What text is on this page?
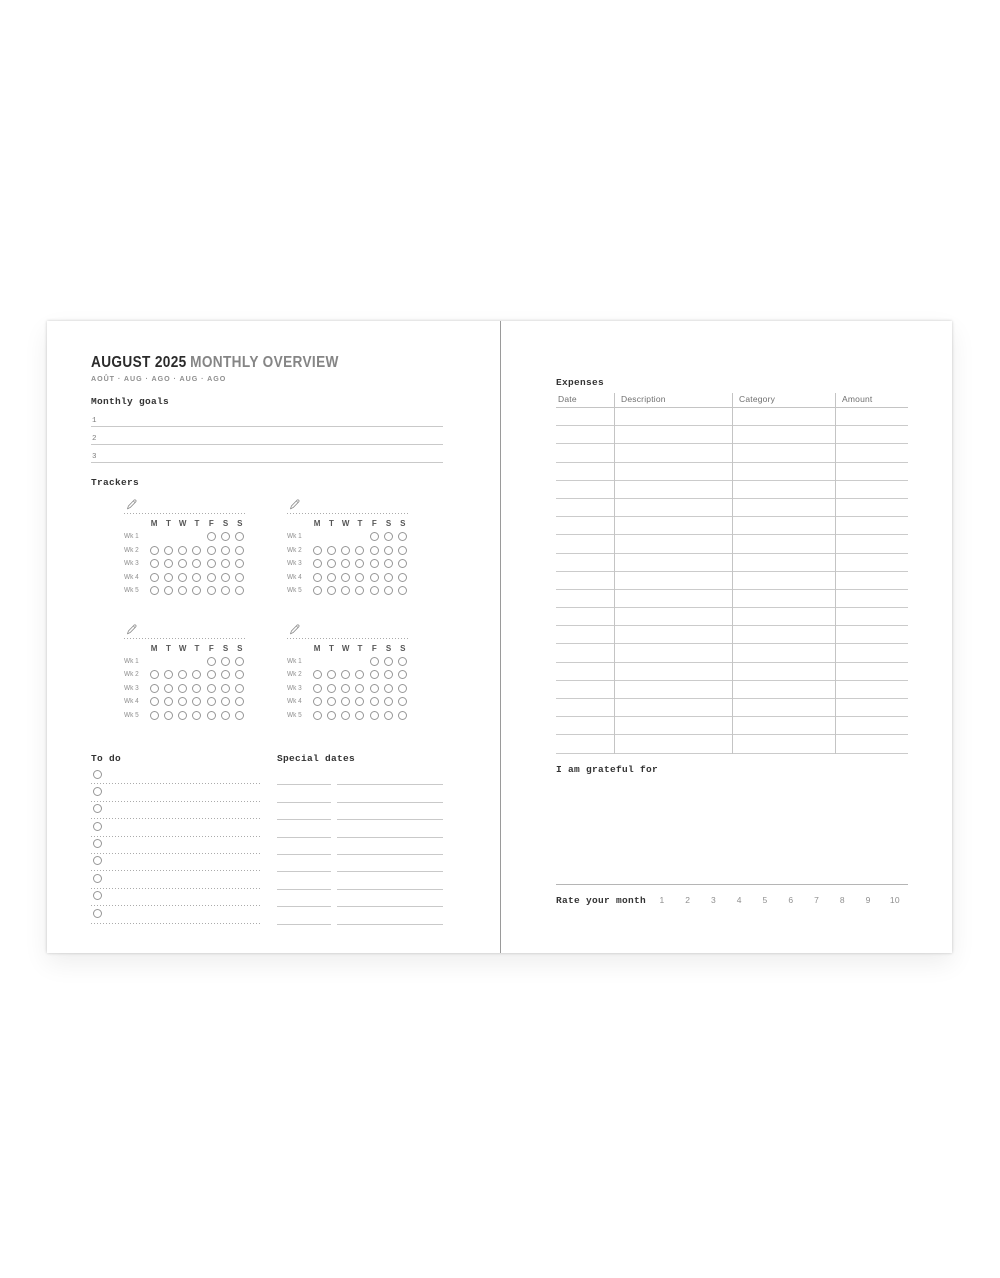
AUGUST 2025 MONTHLY OVERVIEW
AOÛT · AUG · AGO · AUG · AGO
Monthly goals
1
2
3
Trackers
M	T	W	T	F	S	S
Wk 1
Wk 2
Wk 3
Wk 4
Wk 5
M	T	W	T	F	S	S
Wk 1
Wk 2
Wk 3
Wk 4
Wk 5
M	T	W	T	F	S	S
Wk 1
Wk 2
Wk 3
Wk 4
Wk 5
M	T	W	T	F	S	S
Wk 1
Wk 2
Wk 3
Wk 4
Wk 5
To do	Special dates
Expenses
Date	Description	Category	Amount
I am grateful for
Rate your month	1 2 3 4 5 6 7 8 9 10
